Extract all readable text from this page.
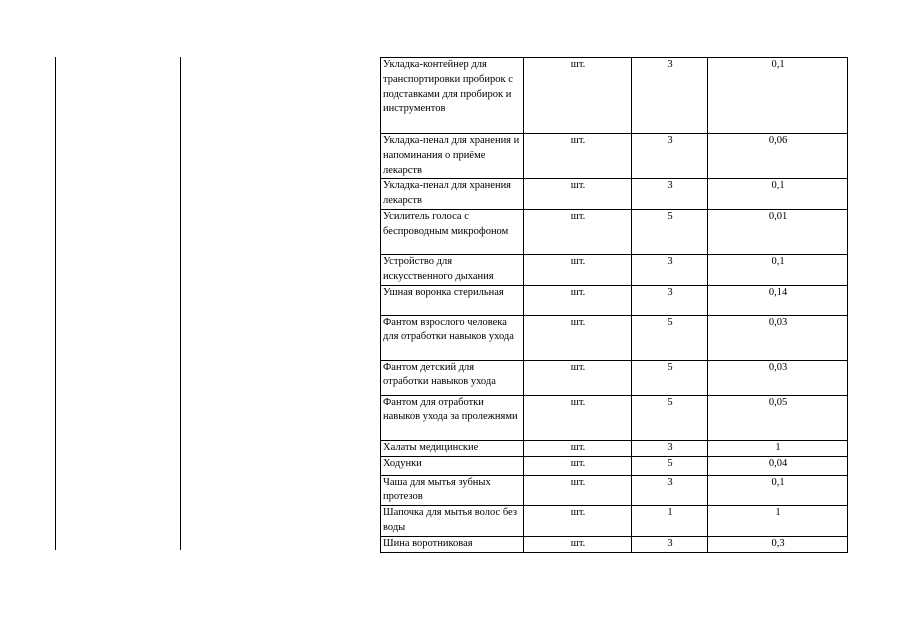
Укладка-контейнер для транспортировки пробирок с подставками для пробирок и инструментов	шт.	3	0,1
Укладка-пенал для хранения и напоминания о приёме лекарств	шт.	3	0,06
Укладка-пенал для хранения лекарств	шт.	3	0,1
Усилитель голоса с беспроводным микрофоном	шт.	5	0,01
Устройство для искусственного дыхания	шт.	3	0,1
Ушная воронка стерильная	шт.	3	0,14
Фантом взрослого человека для отработки навыков ухода	шт.	5	0,03
Фантом детский для отработки навыков ухода	шт.	5	0,03
Фантом для отработки навыков ухода за пролежнями	шт.	5	0,05
Халаты медицинские	шт.	3	1
Ходунки	шт.	5	0,04
Чаша для мытья зубных протезов	шт.	3	0,1
Шапочка для мытья волос без воды	шт.	1	1
Шина воротниковая	шт.	3	0,3
